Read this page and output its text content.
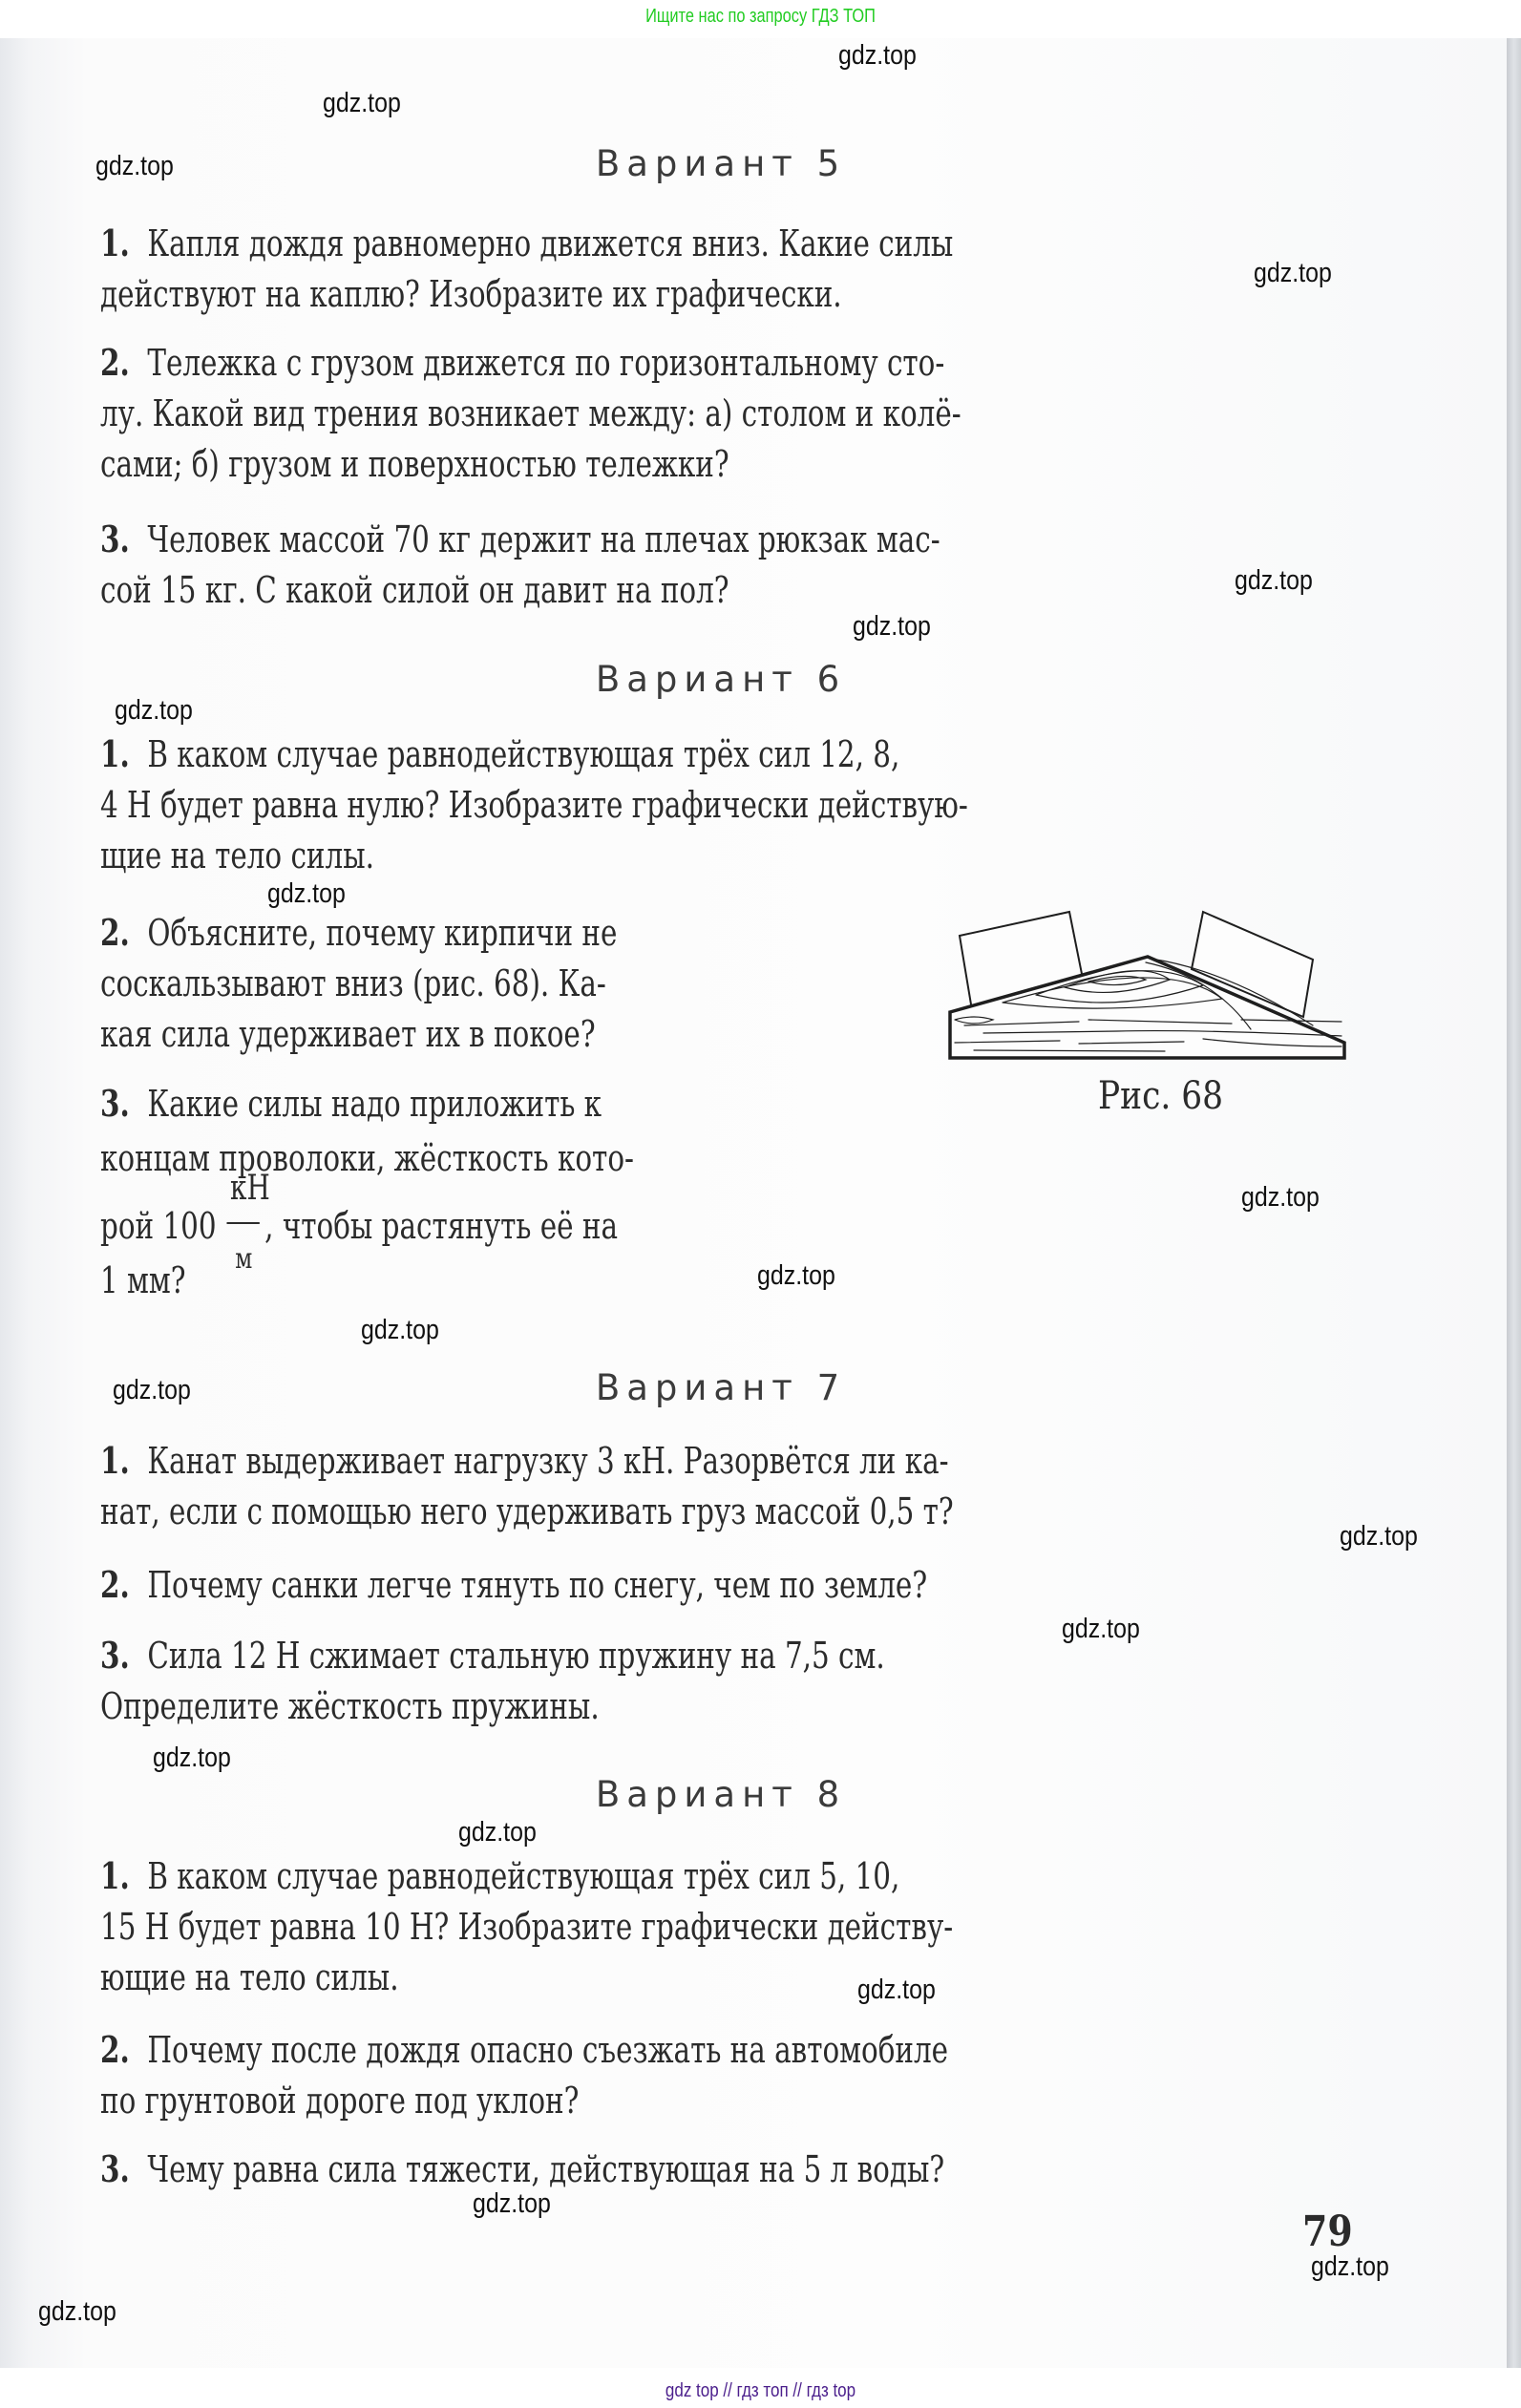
Ищите нас по запросу ГДЗ ТОП
Вариант 5
1. Капля дождя равномерно движется вниз. Какие силы
действуют на каплю? Изобразите их графически.
2. Тележка с грузом движется по горизонтальному сто-
лу. Какой вид трения возникает между: а) столом и колё-
сами; б) грузом и поверхностью тележки?
3. Человек массой 70 кг держит на плечах рюкзак мас-
сой 15 кг. С какой силой он давит на пол?
Вариант 6
1. В каком случае равнодействующая трёх сил 12, 8,
4 Н будет равна нулю? Изобразите графически действую-
щие на тело силы.
2. Объясните, почему кирпичи не
соскальзывают вниз (рис. 68). Ка-
кая сила удерживает их в покое?
3. Какие силы надо приложить к
концам проволоки, жёсткость кото-
рой $100 \frac{кН}{м}$ , чтобы растянуть её на
1 мм?
Рис. 68
Вариант 7
1. Канат выдерживает нагрузку 3 кН. Разорвётся ли ка-
нат, если с помощью него удерживать груз массой 0,5 т?
2. Почему санки легче тянуть по снегу, чем по земле?
3. Сила 12 Н сжимает стальную пружину на 7,5 см.
Определите жёсткость пружины.
Вариант 8
1. В каком случае равнодействующая трёх сил 5, 10,
15 Н будет равна 10 Н? Изобразите графически действу-
ющие на тело силы.
2. Почему после дождя опасно съезжать на автомобиле
по грунтовой дороге под уклон?
3. Чему равна сила тяжести, действующая на 5 л воды?
79
gdz.top
gdz.top
gdz.top
gdz.top
gdz.top
gdz.top
gdz.top
gdz.top
gdz.top
gdz.top
gdz.top
gdz.top
gdz.top
gdz.top
gdz.top
gdz.top
gdz.top
gdz.top
gdz.top
gdz.top
gdz top // гдз топ // гдз top
